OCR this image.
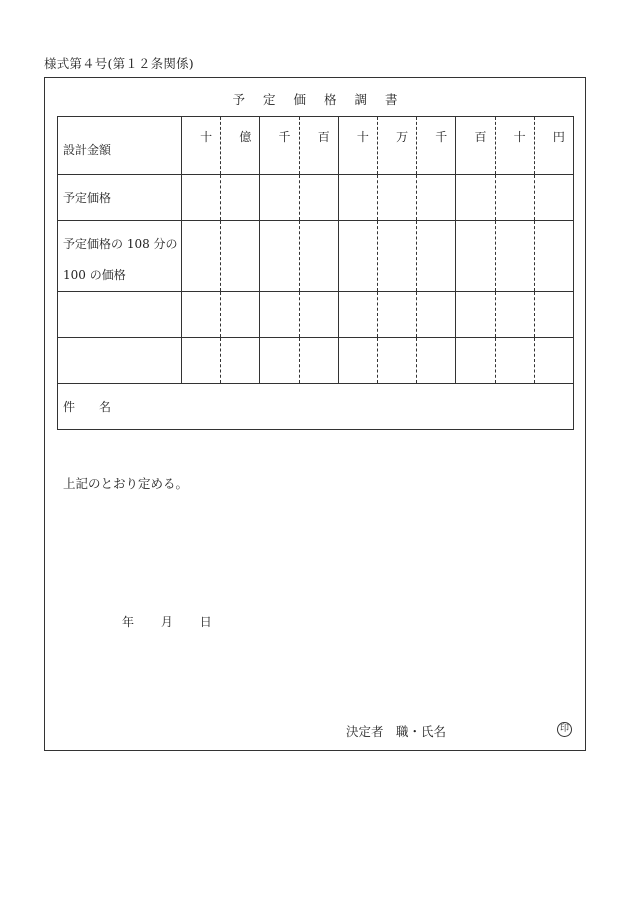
様式第４号(第１２条関係)
予定価格調書
設計金額	十	億	千	百	十	万	千	百	十	円
予定価格										
予定価格の 108 分の
100 の価格										

件　　名										
上記のとおり定める。
年 月 日
決定者　職・氏名	印
